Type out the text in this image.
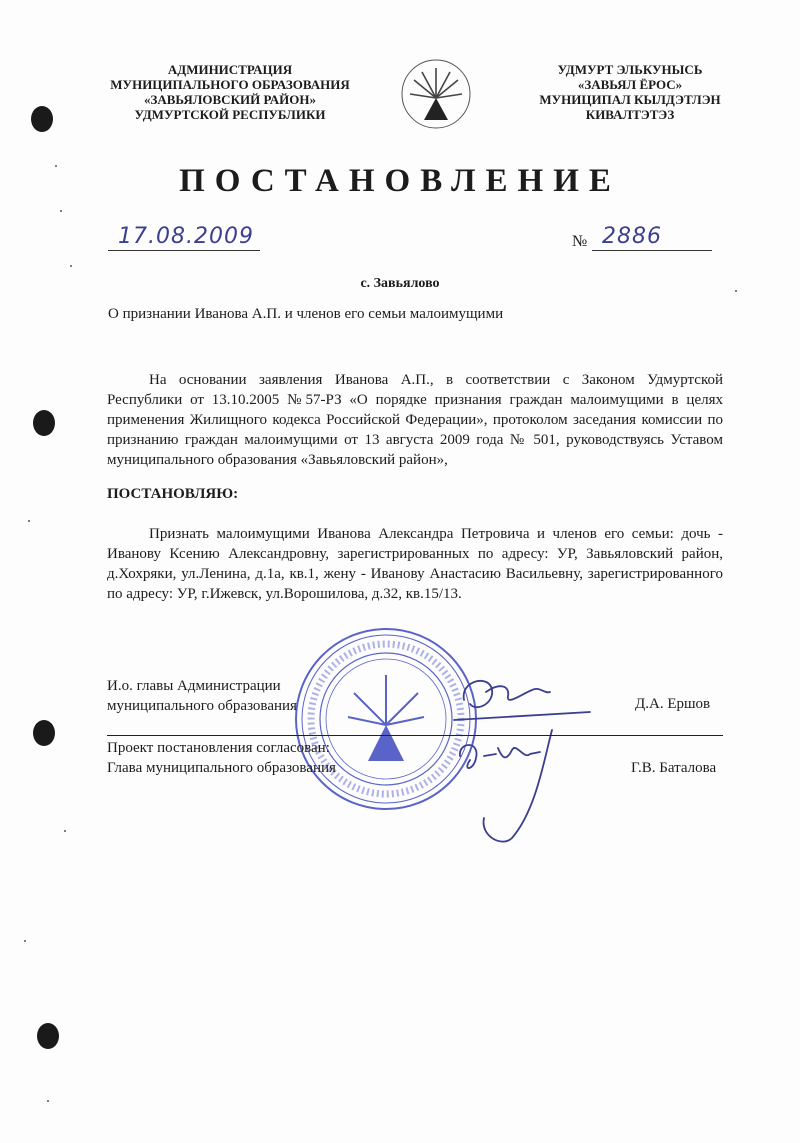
АДМИНИСТРАЦИЯ
МУНИЦИПАЛЬНОГО ОБРАЗОВАНИЯ
«ЗАВЬЯЛОВСКИЙ РАЙОН»
УДМУРТСКОЙ РЕСПУБЛИКИ
УДМУРТ ЭЛЬКУНЫСЬ
«ЗАВЬЯЛ ЁРОС»
МУНИЦИПАЛ КЫЛДЭТЛЭН
КИВАЛТЭТЭЗ
ПОСТАНОВЛЕНИЕ
17.08.2009	№ 2886
с. Завьялово
О признании Иванова А.П. и членов его семьи малоимущими
На основании заявления Иванова А.П., в соответствии с Законом Удмуртской Республики от 13.10.2005 №57-РЗ «О порядке признания граждан малоимущими в целях применения Жилищного кодекса Российской Федерации», протоколом заседания комиссии по признанию граждан малоимущими от 13 августа 2009 года № 501, руководствуясь Уставом муниципального образования «Завьяловский район»,
ПОСТАНОВЛЯЮ:
Признать малоимущими Иванова Александра Петровича и членов его семьи: дочь - Иванову Ксению Александровну, зарегистрированных по адресу: УР, Завьяловский район, д.Хохряки, ул.Ленина, д.1а, кв.1, жену - Иванову Анастасию Васильевну, зарегистрированного по адресу: УР, г.Ижевск, ул.Ворошилова, д.32, кв.15/13.
И.о. главы Администрации
муниципального образования	Д.А. Ершов
Проект постановления согласован:
Глава муниципального образования	Г.В. Баталова
